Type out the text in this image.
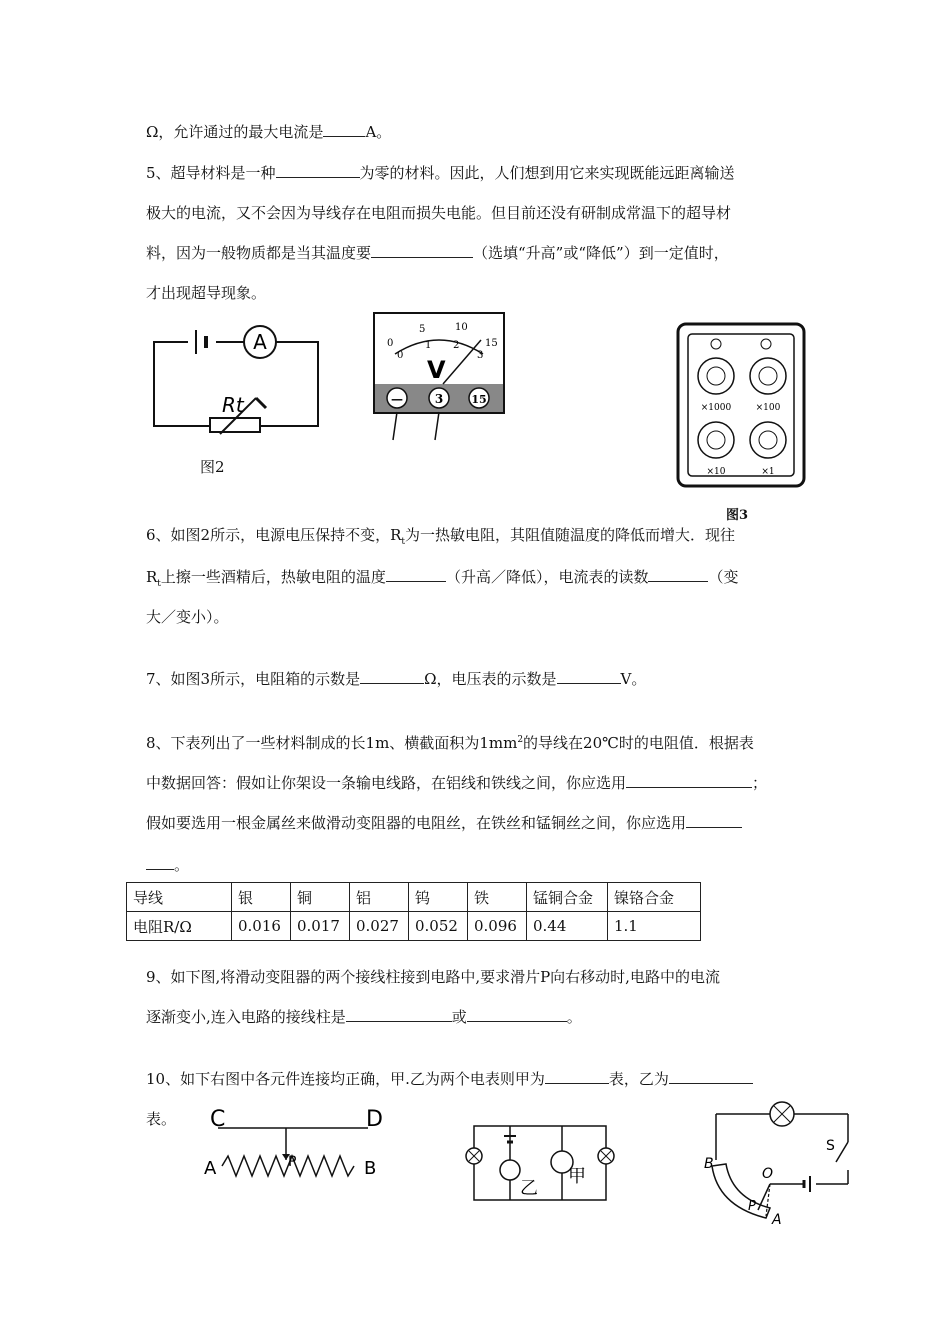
Ω，允许通过的最大电流是	A。
5、超导材料是一种	为零的材料。因此，人们想到用它来实现既能远距离输送
极大的电流，又不会因为导线存在电阻而损失电能。但目前还没有研制成常温下的超导材
料，因为一般物质都是当其温度要	（选填“升高”或“降低”）到一定值时，
才出现超导现象。
A
Rt
图2
0
5	10
15
0
1 2
3
V
—	3	15
×1000	×100
×10	×1
图3
6、如图2所示，电源电压保持不变，$R_t$为一热敏电阻，其阻值随温度的降低而增大．现往
$R_t$上擦一些酒精后，热敏电阻的温度	（升高／降低），电流表的读数	（变
大／变小）。
7、如图3所示，电阻箱的示数是	Ω，电压表的示数是	V。
8、下表列出了一些材料制成的长1m、横截面积为$1mm^2$的导线在20℃时的电阻值．根据表
中数据回答：假如让你架设一条输电线路，在铝线和铁线之间，你应选用	；
假如要选用一根金属丝来做滑动变阻器的电阻丝，在铁丝和锰铜丝之间，你应选用
。
导线	银	铜	铝	钨	铁	锰铜合金	镍铬合金
电阻R/Ω	0.016	0.017	0.027	0.052	0.096	0.44	1.1
9、如下图,将滑动变阻器的两个接线柱接到电路中,要求滑片P向右移动时,电路中的电流
逐渐变小,连入电路的接线柱是	或	。
10、如下右图中各元件连接均正确，甲.乙为两个电表则甲为	表，乙为
表。 C	D
A	P	B
乙
甲
B
O
P
A
S
